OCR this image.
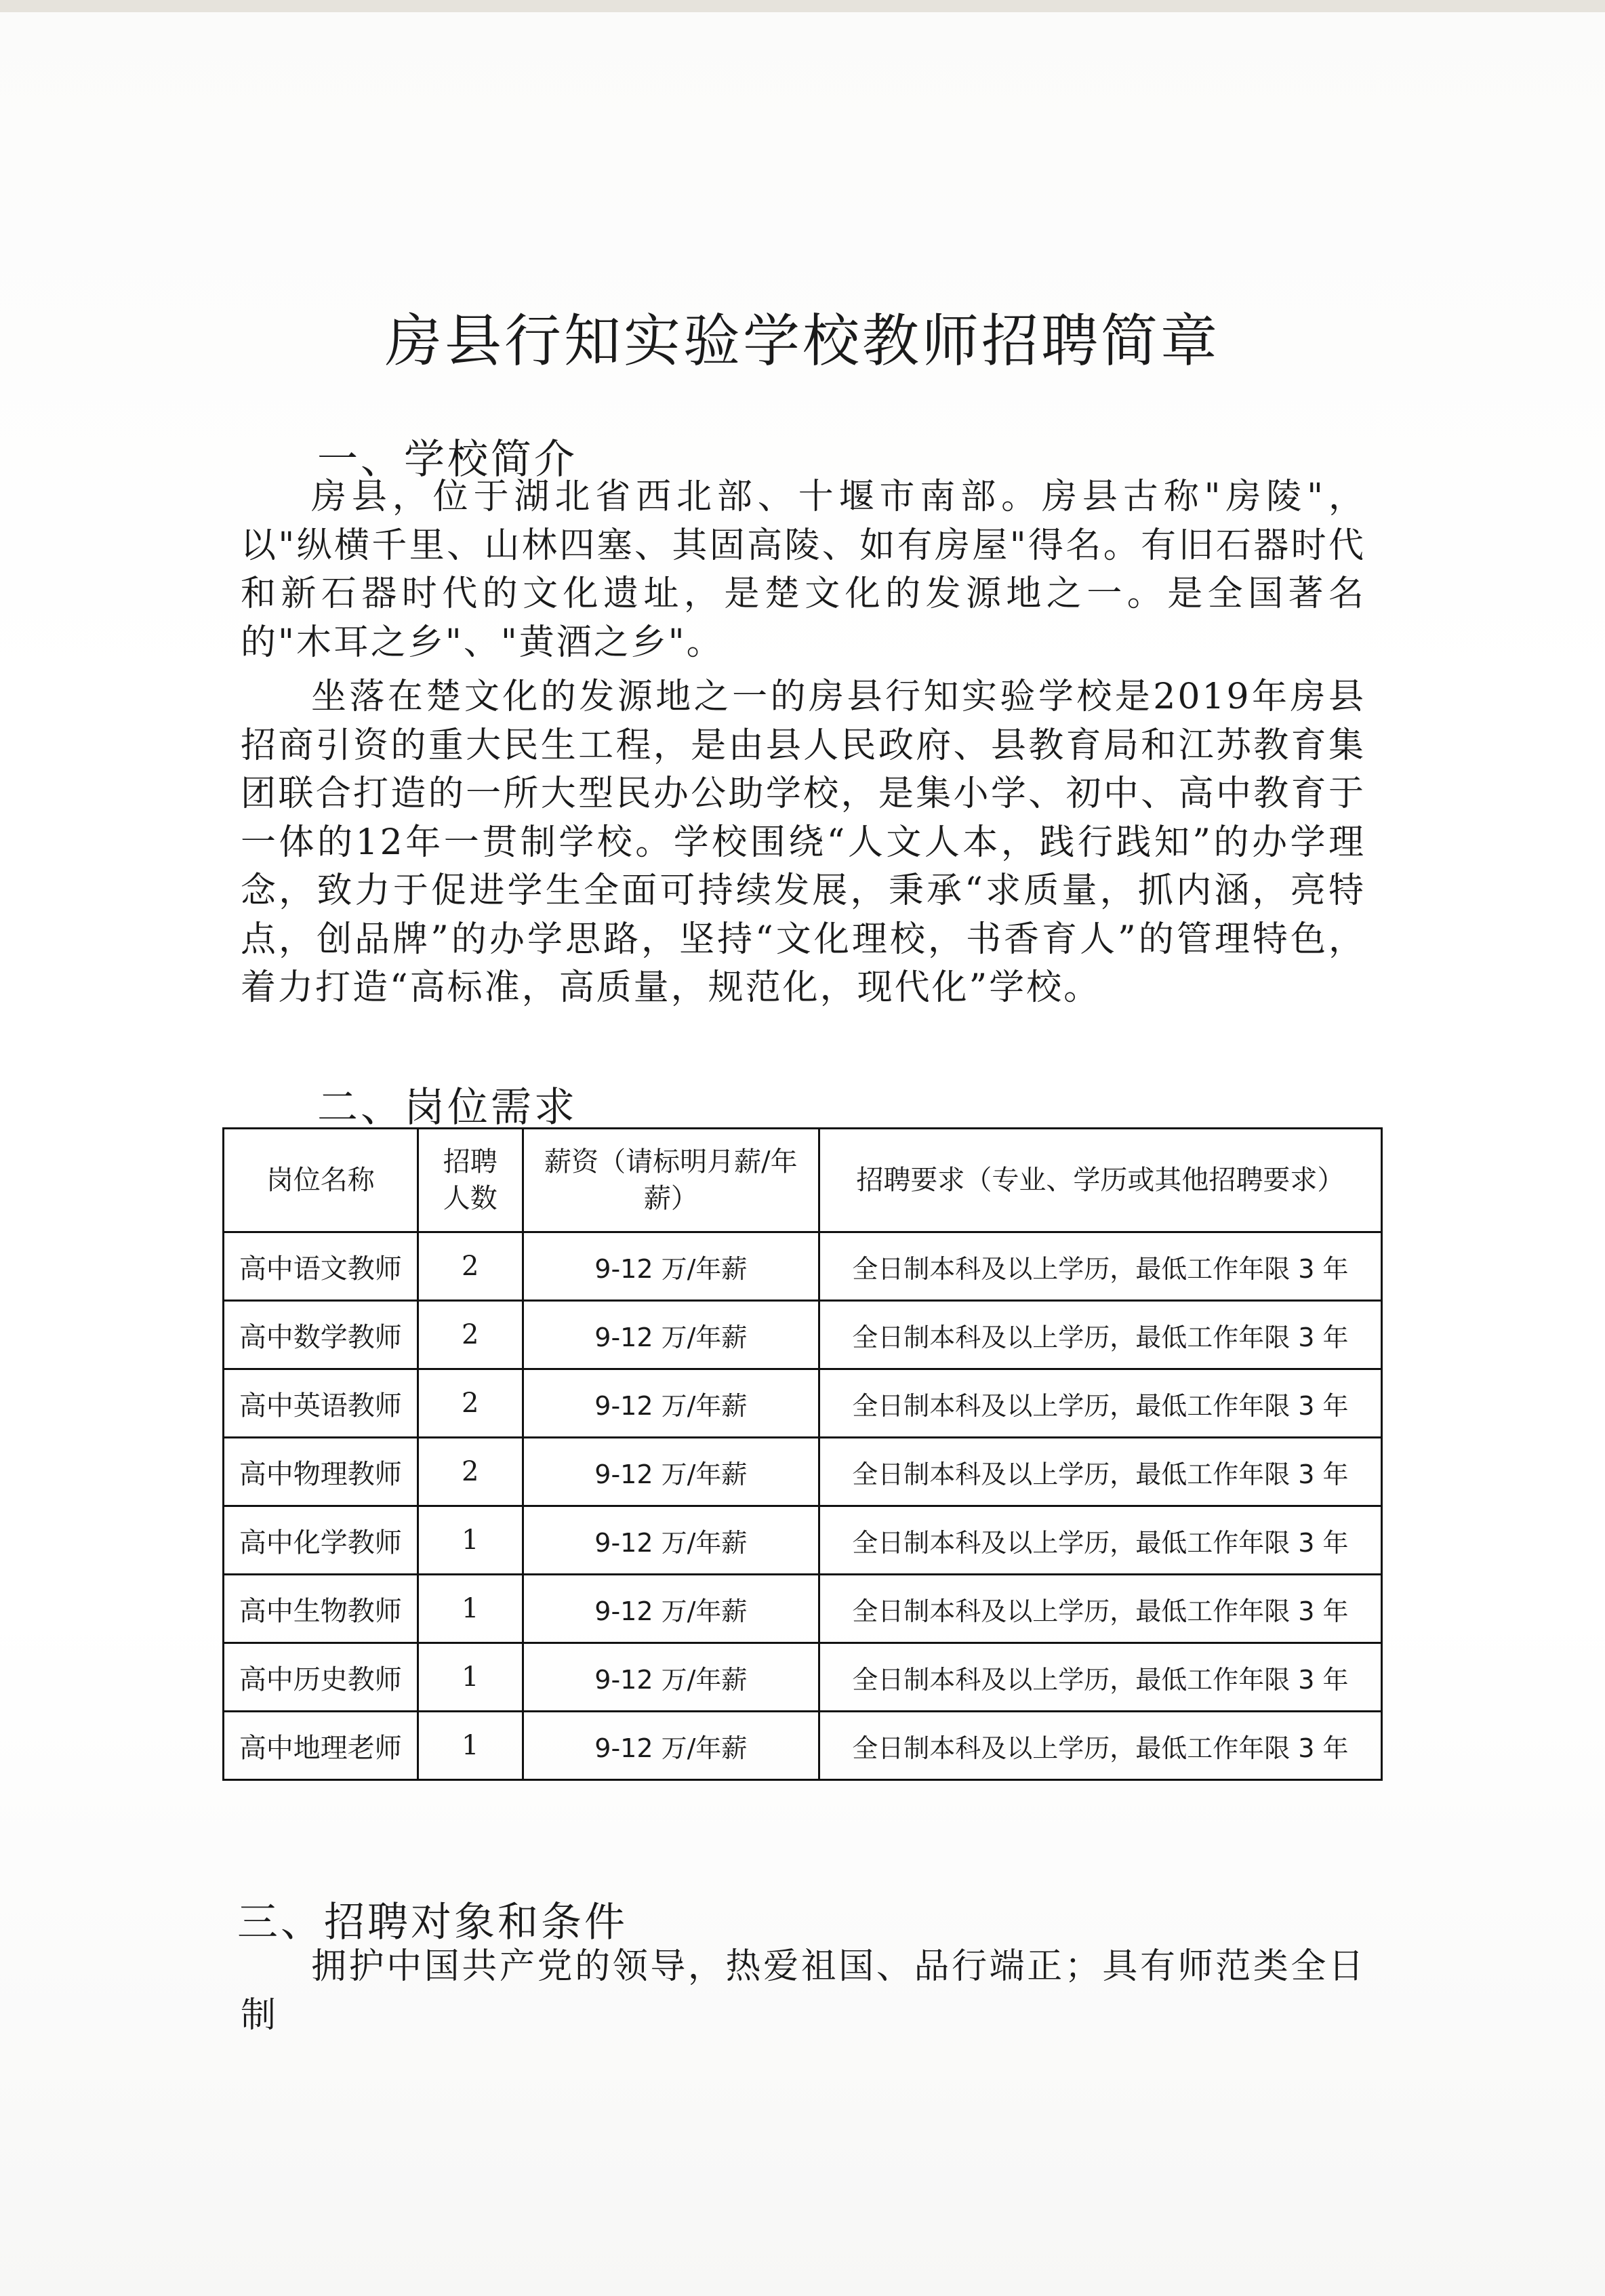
房县行知实验学校教师招聘简章
一、学校简介
房县，位于湖北省西北部、十堰市南部。房县古称"房陵"，以"纵横千里、山林四塞、其固高陵、如有房屋"得名。有旧石器时代和新石器时代的文化遗址，是楚文化的发源地之一。是全国著名的"木耳之乡"、"黄酒之乡"。
坐落在楚文化的发源地之一的房县行知实验学校是2019年房县招商引资的重大民生工程，是由县人民政府、县教育局和江苏教育集团联合打造的一所大型民办公助学校，是集小学、初中、高中教育于一体的12年一贯制学校。学校围绕“人文人本，践行践知”的办学理念，致力于促进学生全面可持续发展，秉承“求质量，抓内涵，亮特点，创品牌”的办学思路，坚持“文化理校，书香育人”的管理特色，着力打造“高标准，高质量，规范化，现代化”学校。
二、岗位需求
岗位名称	招聘人数	薪资（请标明月薪/年薪）	招聘要求（专业、学历或其他招聘要求）
高中语文教师	2	9-12 万/年薪	全日制本科及以上学历，最低工作年限 3 年
高中数学教师	2	9-12 万/年薪	全日制本科及以上学历，最低工作年限 3 年
高中英语教师	2	9-12 万/年薪	全日制本科及以上学历，最低工作年限 3 年
高中物理教师	2	9-12 万/年薪	全日制本科及以上学历，最低工作年限 3 年
高中化学教师	1	9-12 万/年薪	全日制本科及以上学历，最低工作年限 3 年
高中生物教师	1	9-12 万/年薪	全日制本科及以上学历，最低工作年限 3 年
高中历史教师	1	9-12 万/年薪	全日制本科及以上学历，最低工作年限 3 年
高中地理老师	1	9-12 万/年薪	全日制本科及以上学历，最低工作年限 3 年
三、招聘对象和条件
拥护中国共产党的领导，热爱祖国、品行端正；具有师范类全日制
